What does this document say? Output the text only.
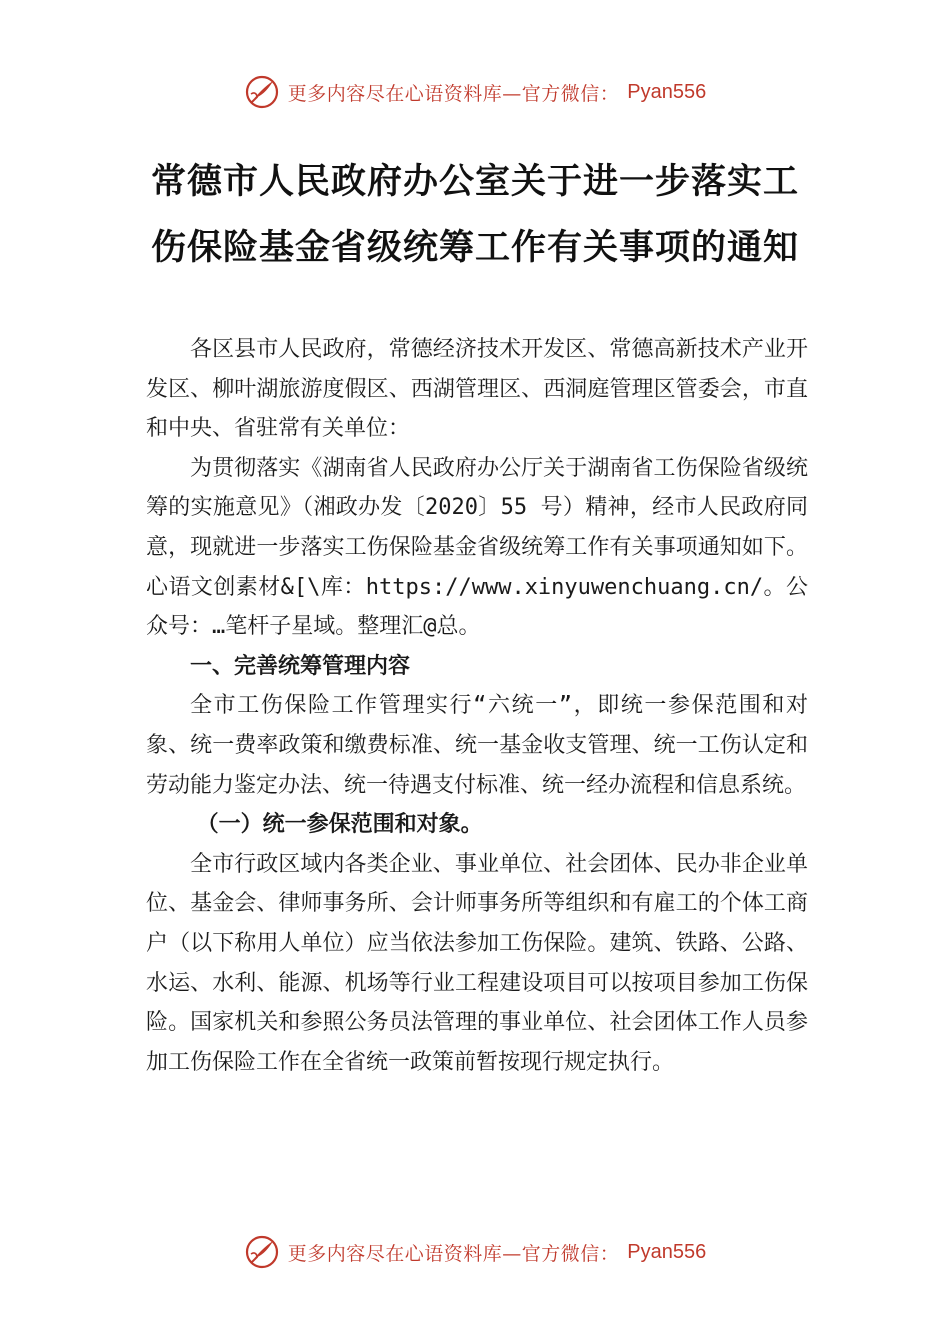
更多内容尽在心语资料库—官方微信： Pyan556
常德市人民政府办公室关于进一步落实工
伤保险基金省级统筹工作有关事项的通知

各区县市人民政府，常德经济技术开发区、常德高新技术产业开发区、柳叶湖旅游度假区、西湖管理区、西洞庭管理区管委会，市直和中央、省驻常有关单位：

为贯彻落实《湖南省人民政府办公厅关于湖南省工伤保险省级统筹的实施意见》（湘政办发〔2020〕55 号）精神，经市人民政府同意，现就进一步落实工伤保险基金省级统筹工作有关事项通知如下。心语文创素材&[\库：https://www.xinyuwenchuang.cn/。公众号：…笔杆子星域。整理汇@总。

一、完善统筹管理内容

全市工伤保险工作管理实行“六统一”，即统一参保范围和对象、统一费率政策和缴费标准、统一基金收支管理、统一工伤认定和劳动能力鉴定办法、统一待遇支付标准、统一经办流程和信息系统。

（一）统一参保范围和对象。

全市行政区域内各类企业、事业单位、社会团体、民办非企业单位、基金会、律师事务所、会计师事务所等组织和有雇工的个体工商户（以下称用人单位）应当依法参加工伤保险。建筑、铁路、公路、水运、水利、能源、机场等行业工程建设项目可以按项目参加工伤保险。国家机关和参照公务员法管理的事业单位、社会团体工作人员参加工伤保险工作在全省统一政策前暂按现行规定执行。

更多内容尽在心语资料库—官方微信： Pyan556
